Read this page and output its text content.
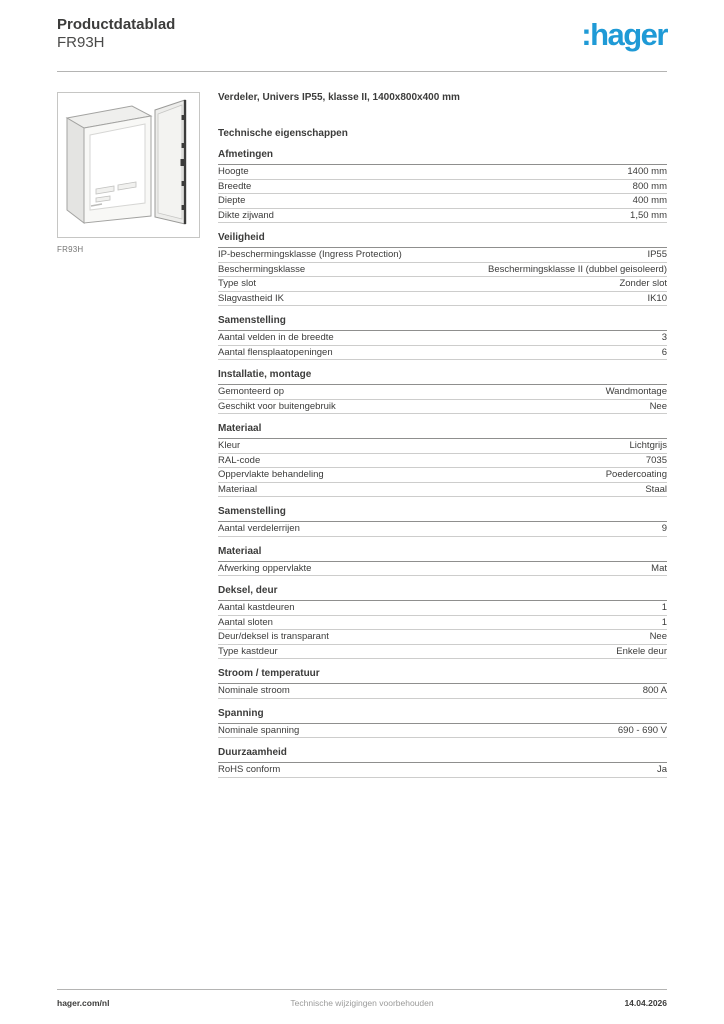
Productdatablad
FR93H	:hager
FR93H
Verdeler, Univers IP55, klasse II, 1400x800x400 mm
Technische eigenschappen
Afmetingen
Hoogte	1400 mm
Breedte	800 mm
Diepte	400 mm
Dikte zijwand	1,50 mm
Veiligheid
IP-beschermingsklasse (Ingress Protection)	IP55
Beschermingsklasse	Beschermingsklasse II (dubbel geisoleerd)
Type slot	Zonder slot
Slagvastheid IK	IK10
Samenstelling
Aantal velden in de breedte	3
Aantal flensplaatopeningen	6
Installatie, montage
Gemonteerd op	Wandmontage
Geschikt voor buitengebruik	Nee
Materiaal
Kleur	Lichtgrijs
RAL-code	7035
Oppervlakte behandeling	Poedercoating
Materiaal	Staal
Samenstelling
Aantal verdelerrijen	9
Materiaal
Afwerking oppervlakte	Mat
Deksel, deur
Aantal kastdeuren	1
Aantal sloten	1
Deur/deksel is transparant	Nee
Type kastdeur	Enkele deur
Stroom / temperatuur
Nominale stroom	800 A
Spanning
Nominale spanning	690 - 690 V
Duurzaamheid
RoHS conform	Ja
hager.com/nl	Technische wijzigingen voorbehouden	14.04.2026
